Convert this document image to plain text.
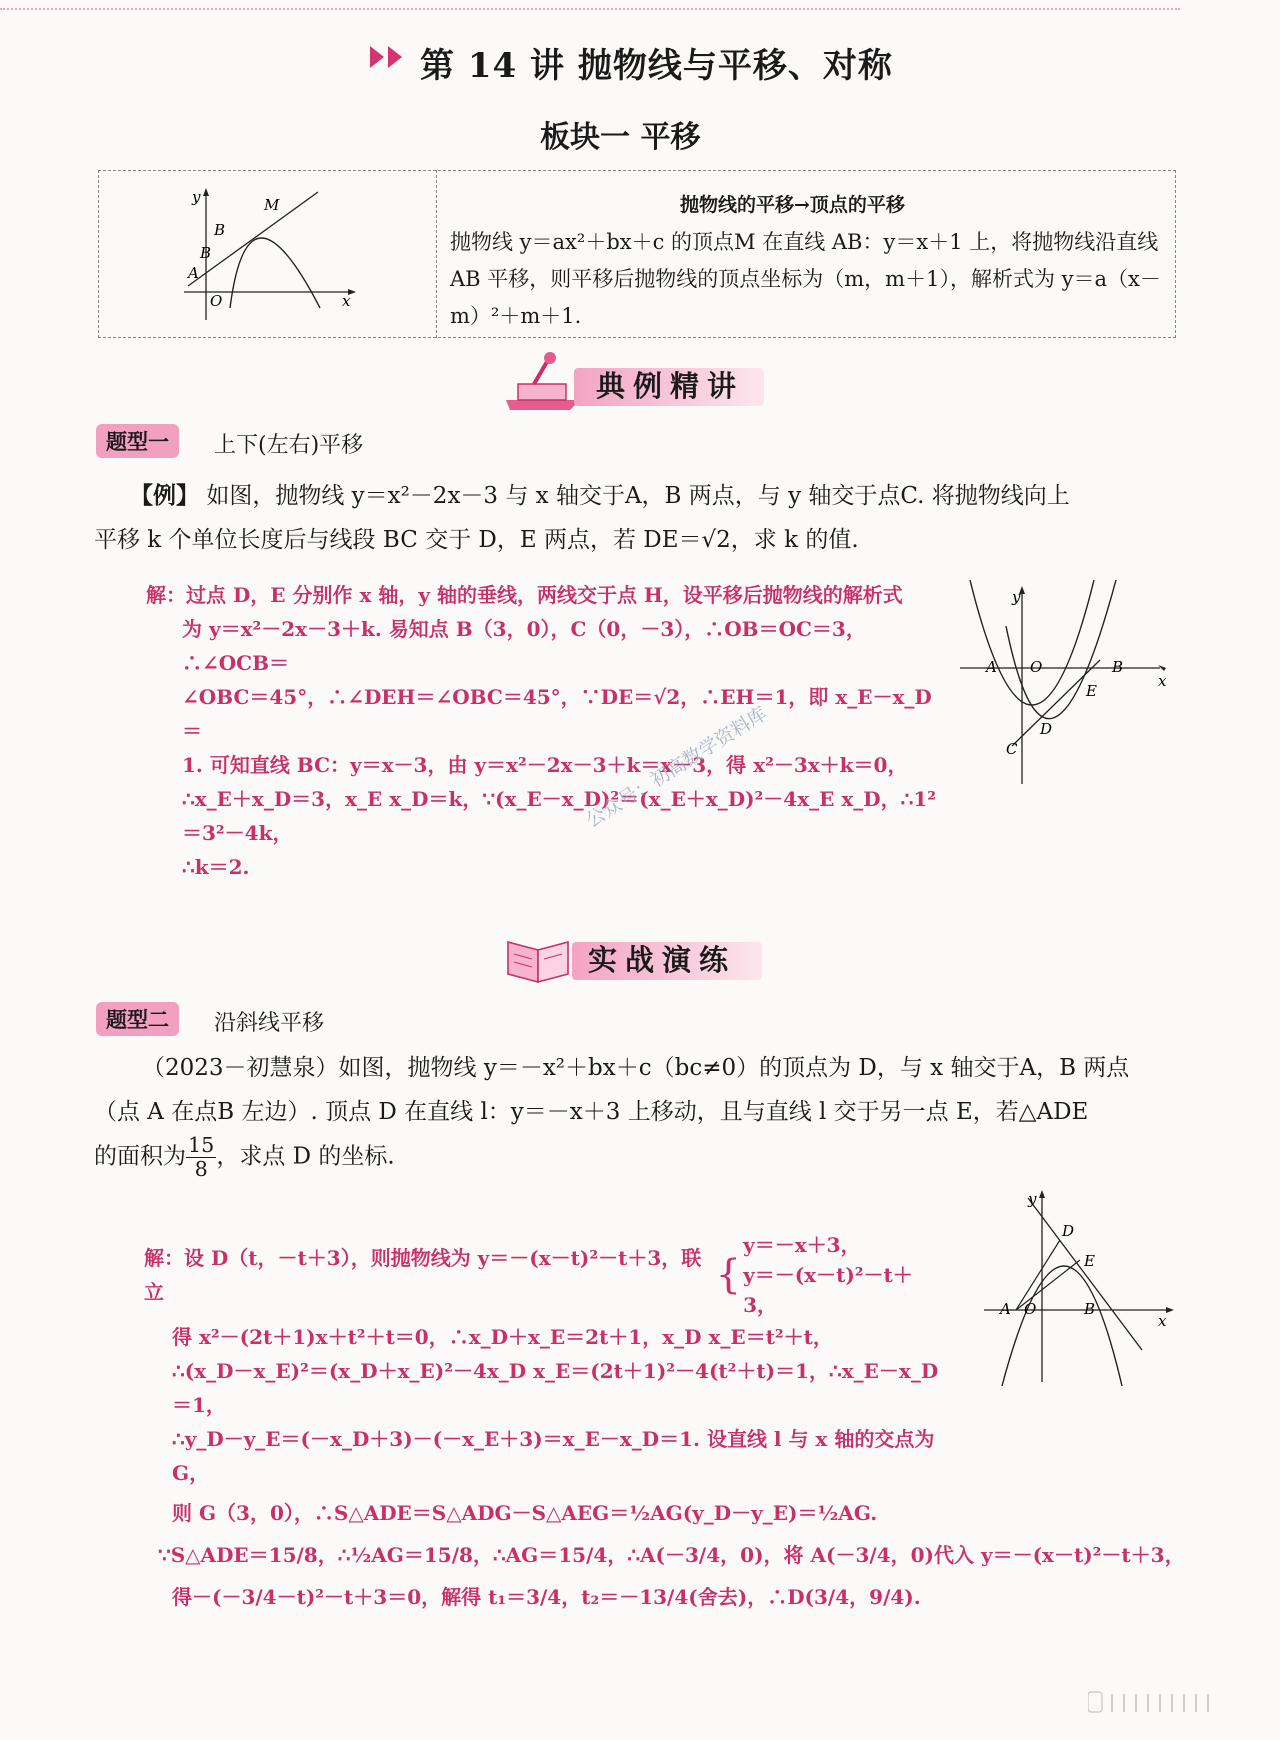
第 14 讲 抛物线与平移、对称
板块一 平移
B
y
x
M
B
A
O
抛物线的平移→顶点的平移
抛物线 y＝ax²＋bx＋c 的顶点M 在直线 AB：y＝x＋1 上，将抛物线沿直线 AB 平移，则平移后抛物线的顶点坐标为（m，m＋1），解析式为 y＝a（x－m）²＋m＋1.
典例精讲
题型一	上下(左右)平移
【例】 如图，抛物线 y＝x²－2x－3 与 x 轴交于A，B 两点，与 y 轴交于点C. 将抛物线向上
平移 k 个单位长度后与线段 BC 交于 D，E 两点，若 DE＝√2，求 k 的值.
解：过点 D，E 分别作 x 轴，y 轴的垂线，两线交于点 H，设平移后抛物线的解析式
为 y＝x²－2x－3＋k. 易知点 B（3，0），C（0，－3），∴OB＝OC＝3，∴∠OCB＝
∠OBC＝45°，∴∠DEH＝∠OBC＝45°，∵DE＝√2，∴EH＝1，即 x_E－x_D＝
1. 可知直线 BC：y＝x－3，由 y＝x²－2x－3＋k＝x－3，得 x²－3x＋k＝0，
∴x_E＋x_D＝3，x_E x_D＝k，∵(x_E－x_D)²＝(x_E＋x_D)²－4x_E x_D，∴1²＝3²－4k，
∴k＝2.
y
x
A O	B
E
D
C
公众号：初高数学资料库
实战演练
题型二	沿斜线平移
（2023－初慧泉）如图，抛物线 y＝－x²＋bx＋c（bc≠0）的顶点为 D，与 x 轴交于A，B 两点
（点 A 在点B 左边）. 顶点 D 在直线 l：y＝－x＋3 上移动，且与直线 l 交于另一点 E，若△ADE
的面积为 $\frac{15}{8}$ ，求点 D 的坐标.
解：设 D（t，－t＋3），则抛物线为 y＝－(x－t)²－t＋3，联立	{
y＝－x＋3，
y＝－(x－t)²－t＋3，
得 x²－(2t＋1)x＋t²＋t＝0，∴x_D＋x_E＝2t＋1，x_D x_E＝t²＋t，
∴(x_D－x_E)²＝(x_D＋x_E)²－4x_D x_E＝(2t＋1)²－4(t²＋t)＝1，∴x_E－x_D＝1，
∴y_D－y_E＝(－x_D＋3)－(－x_E＋3)＝x_E－x_D＝1. 设直线 l 与 x 轴的交点为 G，
则 G（3，0），∴S△ADE＝S△ADG－S△AEG＝½AG(y_D－y_E)＝½AG.
∵S△ADE＝15/8，∴½AG＝15/8，∴AG＝15/4，∴A(－3/4，0)，将 A(－3/4，0)代入 y＝－(x－t)²－t＋3，
得－(－3/4－t)²－t＋3＝0，解得 t₁＝3/4，t₂＝－13/4(舍去)，∴D(3/4，9/4).
y
x
D
E
A O	B
